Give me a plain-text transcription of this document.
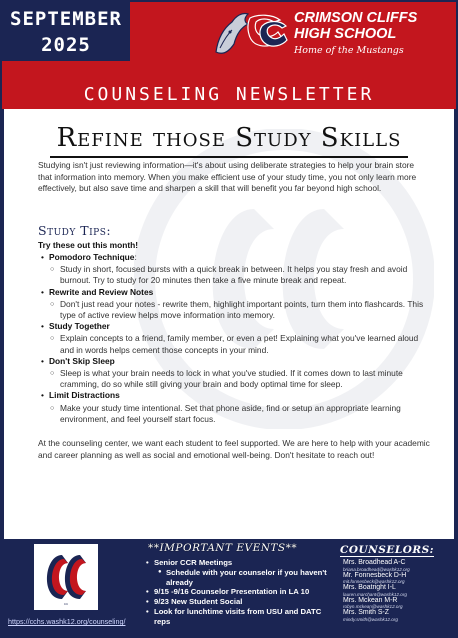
SEPTEMBER
2025
CRIMSON CLIFFS
HIGH SCHOOL
Home of the Mustangs
COUNSELING NEWSLETTER
Refine those Study Skills
Studying isn't just reviewing information—it's about using deliberate strategies to help your brain store that information into memory. When you make efficient use of your study time, you not only learn more effectively, but also save time and sharpen a skill that will benefit you far beyond high school.
Study Tips:
Try these out this month!
• Pomodoro Technique:
○ Study in short, focused bursts with a quick break in between. It helps you stay fresh and avoid burnout. Try to study for 20 minutes then take a five minute break and repeat.
• Rewrite and Review Notes
○ Don't just read your notes - rewrite them, highlight important points, turn them into flashcards. This type of active review helps move information into memory.
• Study Together
○ Explain concepts to a friend, family member, or even a pet! Explaining what you've learned aloud and in words helps cement those concepts in your mind.
• Don't Skip Sleep
○ Sleep is what your brain needs to lock in what you've studied. If it comes down to last minute cramming, do so while still giving your brain and body optimal time for sleep.
• Limit Distractions
○ Make your study time intentional. Set that phone aside, find or setup an appropriate learning environment, and feel yourself start focus.
At the counseling center, we want each student to feel supported. We are here to help with your academic and career planning as well as social and emotional well-being. Don't hesitate to reach out!
CC
https://cchs.washk12.org/counseling/
**IMPORTANT EVENTS**
• Senior CCR Meetings
● Schedule with your counselor if you haven't already
• 9/15 -9/16 Counselor Presentation in LA 10
• 9/23 New Student Social
• Look for lunchtime visits from USU and DATC reps
COUNSELORS:
Mrs. Broadhead A-C
briana.broadhead@washk12.org
Mr. Fonnesbeck D-H
mit.fonnesbeck@washk12.org
Mrs. Boatright I-L
lauren.marchant@washk12.org
Mrs. Mckean M-R
robyn.mckean@washk12.org
Mrs. Smith S-Z
mindy.smith@washk12.org
